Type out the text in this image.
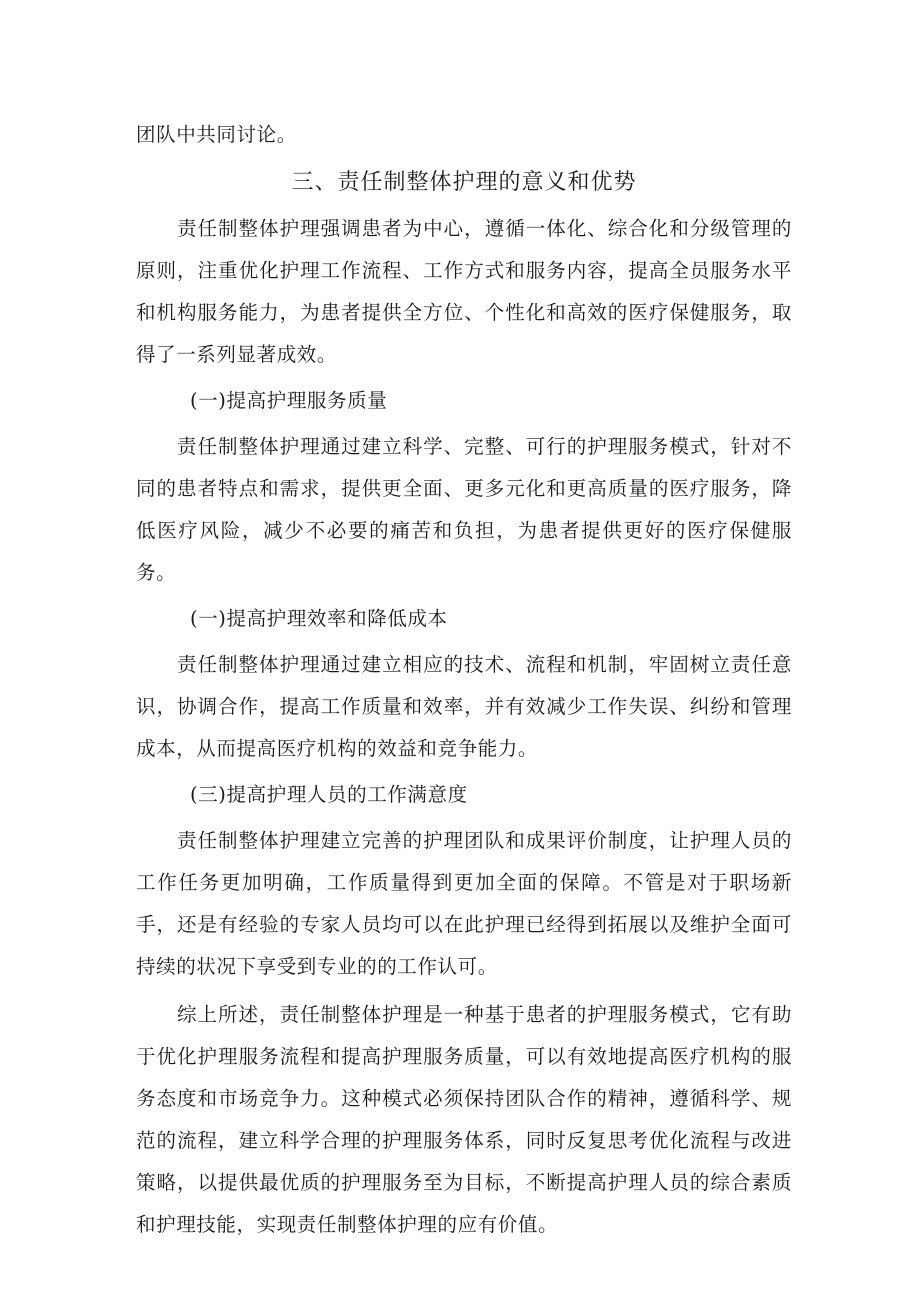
团队中共同讨论。

三、责任制整体护理的意义和优势

责任制整体护理强调患者为中心，遵循一体化、综合化和分级管理的原则，注重优化护理工作流程、工作方式和服务内容，提高全员服务水平和机构服务能力，为患者提供全方位、个性化和高效的医疗保健服务，取得了一系列显著成效。

(一)提高护理服务质量

责任制整体护理通过建立科学、完整、可行的护理服务模式，针对不同的患者特点和需求，提供更全面、更多元化和更高质量的医疗服务，降低医疗风险，减少不必要的痛苦和负担，为患者提供更好的医疗保健服务。

(一)提高护理效率和降低成本

责任制整体护理通过建立相应的技术、流程和机制，牢固树立责任意识，协调合作，提高工作质量和效率，并有效减少工作失误、纠纷和管理成本，从而提高医疗机构的效益和竞争能力。

(三)提高护理人员的工作满意度

责任制整体护理建立完善的护理团队和成果评价制度，让护理人员的工作任务更加明确，工作质量得到更加全面的保障。不管是对于职场新手，还是有经验的专家人员均可以在此护理已经得到拓展以及维护全面可持续的状况下享受到专业的的工作认可。

综上所述，责任制整体护理是一种基于患者的护理服务模式，它有助于优化护理服务流程和提高护理服务质量，可以有效地提高医疗机构的服务态度和市场竞争力。这种模式必须保持团队合作的精神，遵循科学、规范的流程，建立科学合理的护理服务体系，同时反复思考优化流程与改进策略，以提供最优质的护理服务至为目标，不断提高护理人员的综合素质和护理技能，实现责任制整体护理的应有价值。
